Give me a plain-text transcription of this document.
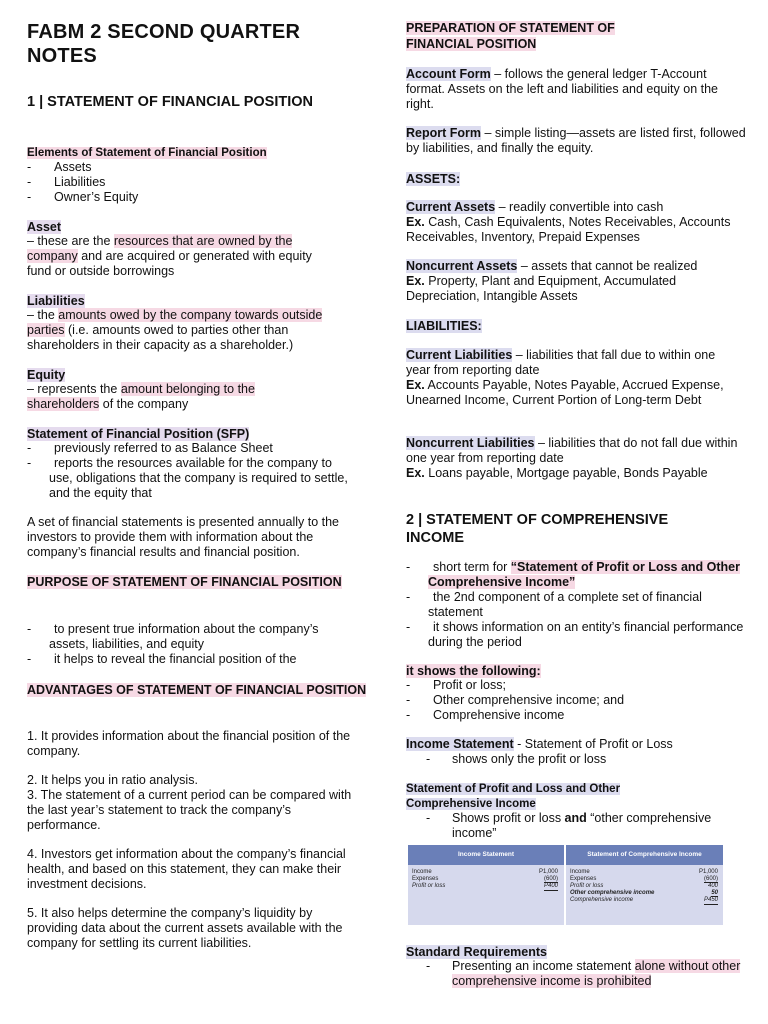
FABM 2 SECOND QUARTER NOTES
1 | STATEMENT OF FINANCIAL POSITION
Elements of Statement of Financial Position
- Assets
- Liabilities
- Owner’s Equity
Asset
– these are the resources that are owned by the company and are acquired or generated with equity fund or outside borrowings
Liabilities
– the amounts owed by the company towards outside parties (i.e. amounts owed to parties other than shareholders in their capacity as a shareholder.)
Equity
– represents the amount belonging to the shareholders of the company
Statement of Financial Position (SFP)
- previously referred to as Balance Sheet
- reports the resources available for the company to use, obligations that the company is required to settle, and the equity that
A set of financial statements is presented annually to the investors to provide them with information about the company’s financial results and financial position.
PURPOSE OF STATEMENT OF FINANCIAL POSITION
- to present true information about the company’s assets, liabilities, and equity
- it helps to reveal the financial position of the
ADVANTAGES OF STATEMENT OF FINANCIAL POSITION
1. It provides information about the financial position of the company.
2. It helps you in ratio analysis.
3. The statement of a current period can be compared with the last year’s statement to track the company’s performance.
4. Investors get information about the company’s financial health, and based on this statement, they can make their investment decisions.
5. It also helps determine the company’s liquidity by providing data about the current assets available with the company for settling its current liabilities.
PREPARATION OF STATEMENT OF FINANCIAL POSITION
Account Form – follows the general ledger T-Account format. Assets on the left and liabilities and equity on the right.
Report Form – simple listing—assets are listed first, followed by liabilities, and finally the equity.
ASSETS:
Current Assets – readily convertible into cash
Ex. Cash, Cash Equivalents, Notes Receivables, Accounts Receivables, Inventory, Prepaid Expenses
Noncurrent Assets – assets that cannot be realized
Ex. Property, Plant and Equipment, Accumulated Depreciation, Intangible Assets
LIABILITIES:
Current Liabilities – liabilities that fall due to within one year from reporting date
Ex. Accounts Payable, Notes Payable, Accrued Expense, Unearned Income, Current Portion of Long-term Debt
Noncurrent Liabilities – liabilities that do not fall due within one year from reporting date
Ex. Loans payable, Mortgage payable, Bonds Payable
2 | STATEMENT OF COMPREHENSIVE INCOME
- short term for “Statement of Profit or Loss and Other Comprehensive Income”
- the 2nd component of a complete set of financial statement
- it shows information on an entity’s financial performance during the period
it shows the following:
- Profit or loss;
- Other comprehensive income; and
- Comprehensive income
Income Statement - Statement of Profit or Loss
- shows only the profit or loss
Statement of Profit and Loss and Other Comprehensive Income
- Shows profit or loss and “other comprehensive income”
Standard Requirements
- Presenting an income statement alone without other comprehensive income is prohibited
Income Statement	Statement of Comprehensive Income
Income	P1,000
Expenses	(600)
Profit or loss	P400
Income	P1,000
Expenses	(600)
Profit or loss	400
Other comprehensive income	50
Comprehensive income	P450
